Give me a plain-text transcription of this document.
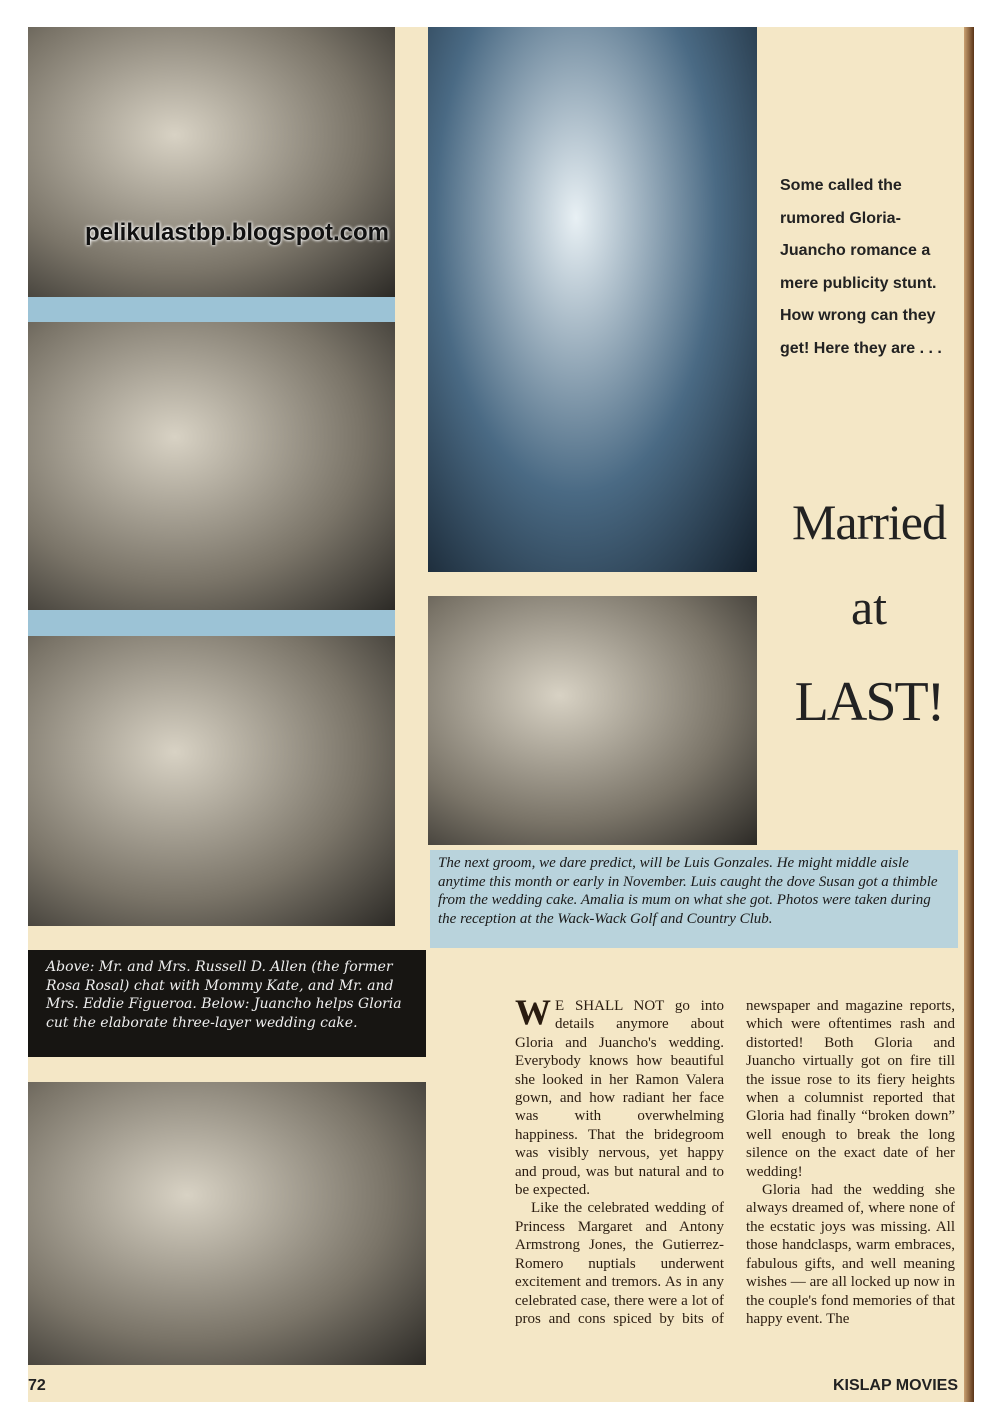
pelikulastbp.blogspot.com
Above: Mr. and Mrs. Russell D. Allen (the former Rosa Rosal) chat with Mommy Kate, and Mr. and Mrs. Eddie Figueroa. Below: Juancho helps Gloria cut the elaborate three-layer wedding cake.
Some called the rumored Gloria-Juancho romance a mere publicity stunt. How wrong can they get! Here they are . . .
Married
at
LAST!
The next groom, we dare predict, will be Luis Gonzales. He might middle aisle anytime this month or early in November. Luis caught the dove Susan got a thimble from the wedding cake. Amalia is mum on what she got. Photos were taken during the reception at the Wack-Wack Golf and Country Club.

W E SHALL NOT go into details anymore about Gloria and Juancho's wedding. Everybody knows how beautiful she looked in her Ramon Valera gown, and how radiant her face was with overwhelming happiness. That the bridegroom was visibly nervous, yet happy and proud, was but natural and to be expected.

Like the celebrated wedding of Princess Margaret and Antony Armstrong Jones, the Gutierrez-Romero nuptials underwent excitement and tremors. As in any celebrated case, there were a lot of pros and cons spiced by bits of newspaper and magazine reports, which were oftentimes rash and distorted! Both Gloria and Juancho virtually got on fire till the issue rose to its fiery heights when a columnist reported that Gloria had finally “broken down” well enough to break the long silence on the exact date of her wedding!

Gloria had the wedding she always dreamed of, where none of the ecstatic joys was missing. All those handclasps, warm embraces, fabulous gifts, and well meaning wishes — are all locked up now in the couple's fond memories of that happy event. The

72	KISLAP MOVIES
